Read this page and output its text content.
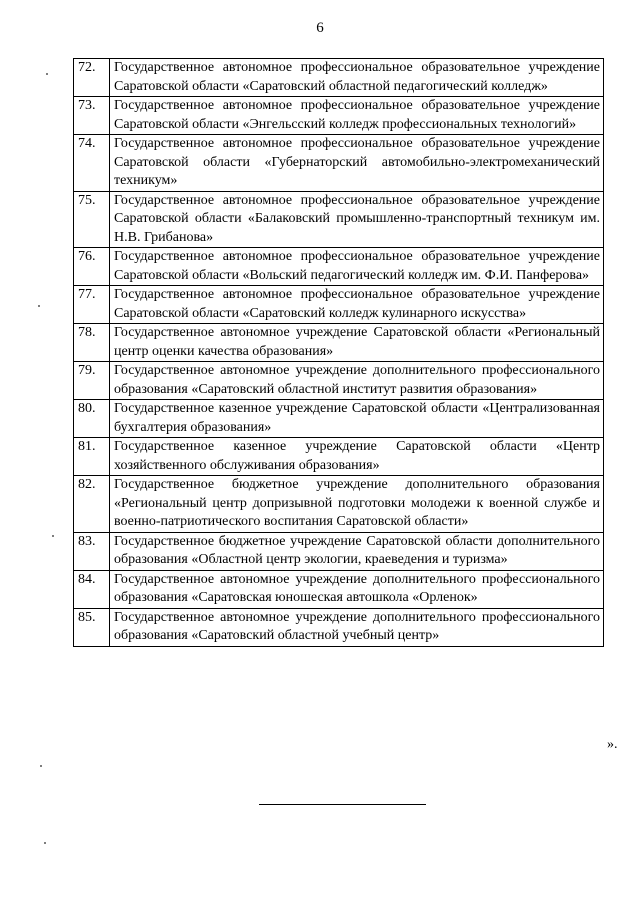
6
72.	Государственное автономное профессиональное образовательное учреждение Саратовской области «Саратовский областной педагогический колледж»
73.	Государственное автономное профессиональное образовательное учреждение Саратовской области «Энгельсский колледж профессиональных технологий»
74.	Государственное автономное профессиональное образовательное учреждение Саратовской области «Губернаторский автомобильно-электромеханический техникум»
75.	Государственное автономное профессиональное образовательное учреждение Саратовской области «Балаковский промышленно-транспортный техникум им. Н.В. Грибанова»
76.	Государственное автономное профессиональное образовательное учреждение Саратовской области «Вольский педагогический колледж им. Ф.И. Панферова»
77.	Государственное автономное профессиональное образовательное учреждение Саратовской области «Саратовский колледж кулинарного искусства»
78.	Государственное автономное учреждение Саратовской области «Региональный центр оценки качества образования»
79.	Государственное автономное учреждение дополнительного профессионального образования «Саратовский областной институт развития образования»
80.	Государственное казенное учреждение Саратовской области «Централизованная бухгалтерия образования»
81.	Государственное казенное учреждение Саратовской области «Центр хозяйственного обслуживания образования»
82.	Государственное бюджетное учреждение дополнительного образования «Региональный центр допризывной подготовки молодежи к военной службе и военно-патриотического воспитания Саратовской области»
83.	Государственное бюджетное учреждение Саратовской области дополнительного образования «Областной центр экологии, краеведения и туризма»
84.	Государственное автономное учреждение дополнительного профессионального образования «Саратовская юношеская автошкола «Орленок»
85.	Государственное автономное учреждение дополнительного профессионального образования «Саратовский областной учебный центр»
».
